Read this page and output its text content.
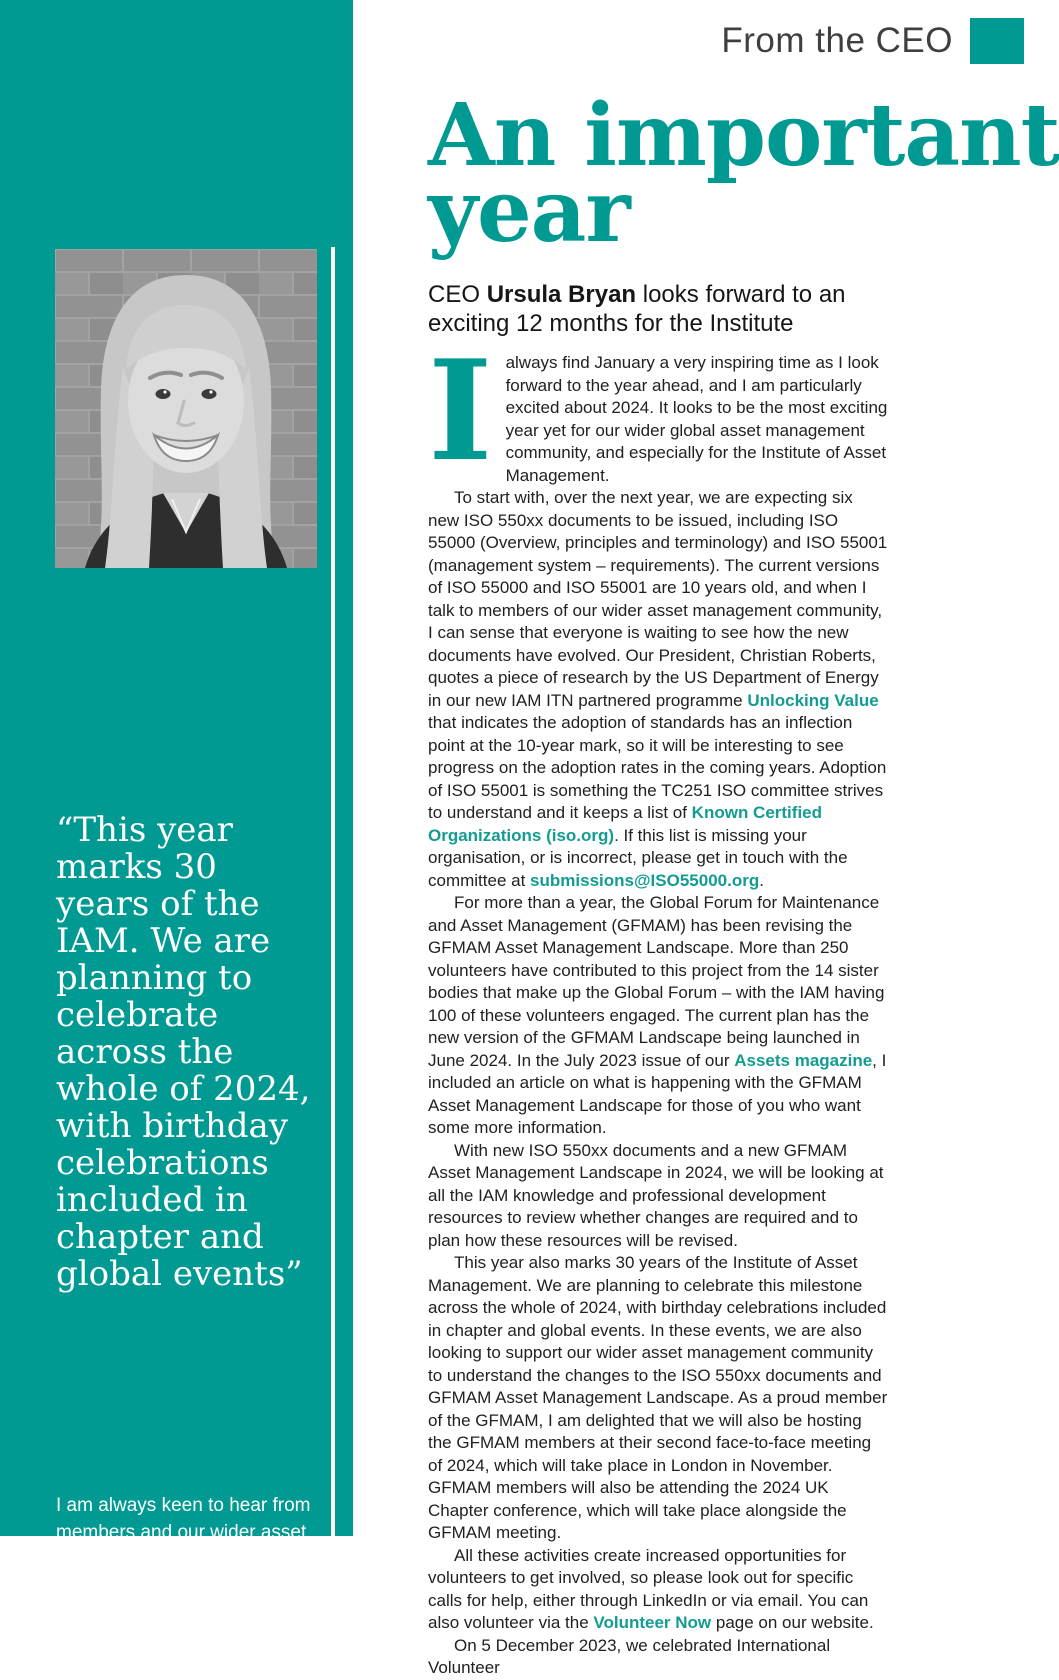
“This year marks 30 years of the IAM. We are planning to celebrate across the whole of 2024, with birthday celebrations included in chapter and global events”
I am always keen to hear from members and our wider asset
From the CEO
An important
year
CEO Ursula Bryan looks forward to an exciting 12 months for the Institute

Ialways find January a very inspiring time as I look forward to the year ahead, and I am particularly excited about 2024. It looks to be the most exciting year yet for our wider global asset management community, and especially for the Institute of Asset Management.

To start with, over the next year, we are expecting six new ISO 550xx documents to be issued, including ISO 55000 (Overview, principles and terminology) and ISO 55001 (management system – requirements). The current versions of ISO 55000 and ISO 55001 are 10 years old, and when I talk to members of our wider asset management community, I can sense that everyone is waiting to see how the new documents have evolved. Our President, Christian Roberts, quotes a piece of research by the US Department of Energy in our new IAM ITN partnered programme Unlocking Value that indicates the adoption of standards has an inflection point at the 10-year mark, so it will be interesting to see progress on the adoption rates in the coming years. Adoption of ISO 55001 is something the TC251 ISO committee strives to understand and it keeps a list of Known Certified Organizations (iso.org). If this list is missing your organisation, or is incorrect, please get in touch with the committee at submissions@ISO55000.org.

For more than a year, the Global Forum for Maintenance and Asset Management (GFMAM) has been revising the GFMAM Asset Management Landscape. More than 250 volunteers have contributed to this project from the 14 sister bodies that make up the Global Forum – with the IAM having 100 of these volunteers engaged. The current plan has the new version of the GFMAM Landscape being launched in June 2024. In the July 2023 issue of our Assets magazine, I included an article on what is happening with the GFMAM Asset Management Landscape for those of you who want some more information.

With new ISO 550xx documents and a new GFMAM Asset Management Landscape in 2024, we will be looking at all the IAM knowledge and professional development resources to review whether changes are required and to plan how these resources will be revised.

This year also marks 30 years of the Institute of Asset Management. We are planning to celebrate this milestone across the whole of 2024, with birthday celebrations included in chapter and global events. In these events, we are also looking to support our wider asset management community to understand the changes to the ISO 550xx documents and GFMAM Asset Management Landscape. As a proud member of the GFMAM, I am delighted that we will also be hosting the GFMAM members at their second face-to-face meeting of 2024, which will take place in London in November. GFMAM members will also be attending the 2024 UK Chapter conference, which will take place alongside the GFMAM meeting.

All these activities create increased opportunities for volunteers to get involved, so please look out for specific calls for help, either through LinkedIn or via email. You can also volunteer via the Volunteer Now page on our website.

On 5 December 2023, we celebrated International Volunteer
